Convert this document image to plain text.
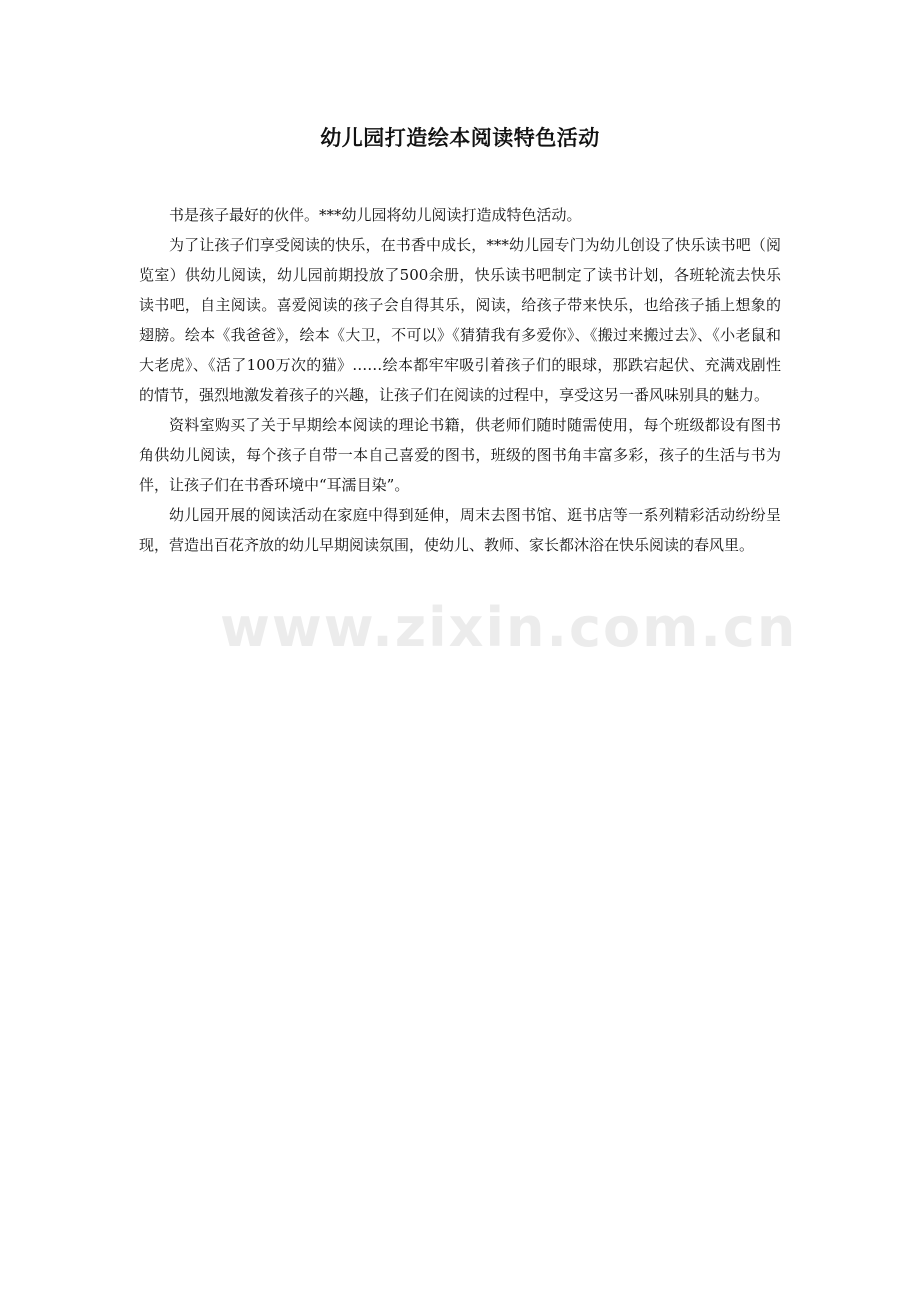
幼儿园打造绘本阅读特色活动

书是孩子最好的伙伴。***幼儿园将幼儿阅读打造成特色活动。

为了让孩子们享受阅读的快乐，在书香中成长，***幼儿园专门为幼儿创设了快乐读书吧（阅览室）供幼儿阅读，幼儿园前期投放了500余册，快乐读书吧制定了读书计划，各班轮流去快乐读书吧，自主阅读。喜爱阅读的孩子会自得其乐，阅读，给孩子带来快乐，也给孩子插上想象的翅膀。绘本《我爸爸》，绘本《大卫，不可以》《猜猜我有多爱你》、《搬过来搬过去》、《小老鼠和大老虎》、《活了100万次的猫》……绘本都牢牢吸引着孩子们的眼球，那跌宕起伏、充满戏剧性的情节，强烈地激发着孩子的兴趣，让孩子们在阅读的过程中，享受这另一番风味别具的魅力。

资料室购买了关于早期绘本阅读的理论书籍，供老师们随时随需使用，每个班级都设有图书角供幼儿阅读，每个孩子自带一本自己喜爱的图书，班级的图书角丰富多彩，孩子的生活与书为伴，让孩子们在书香环境中“耳濡目染”。

幼儿园开展的阅读活动在家庭中得到延伸，周末去图书馆、逛书店等一系列精彩活动纷纷呈现，营造出百花齐放的幼儿早期阅读氛围，使幼儿、教师、家长都沐浴在快乐阅读的春风里。

www.zixin.com.cn
